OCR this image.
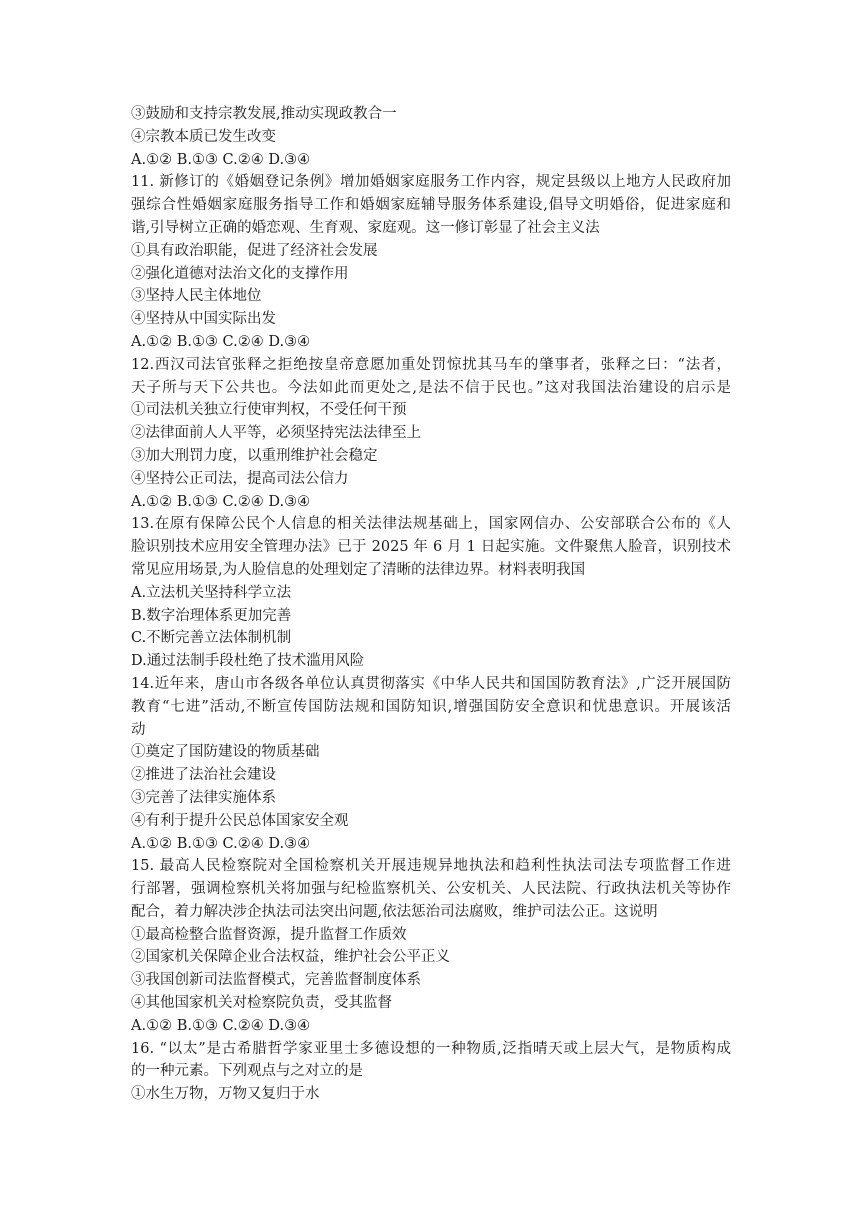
③鼓励和支持宗教发展,推动实现政教合一
④宗教本质已发生改变
A.①② B.①③ C.②④ D.③④
11. 新修订的《婚姻登记条例》增加婚姻家庭服务工作内容，规定县级以上地方人民政府加
强综合性婚姻家庭服务指导工作和婚姻家庭辅导服务体系建设,倡导文明婚俗，促进家庭和
谐,引导树立正确的婚恋观、生育观、家庭观。这一修订彰显了社会主义法
①具有政治职能，促进了经济社会发展
②强化道德对法治文化的支撑作用
③坚持人民主体地位
④坚持从中国实际出发
A.①② B.①③ C.②④ D.③④
12.西汉司法官张释之拒绝按皇帝意愿加重处罚惊扰其马车的肇事者，张释之曰：“法者，
天子所与天下公共也。今法如此而更处之,是法不信于民也。”这对我国法治建设的启示是
①司法机关独立行使审判权，不受任何干预
②法律面前人人平等，必须坚持宪法法律至上
③加大刑罚力度，以重刑维护社会稳定
④坚持公正司法，提高司法公信力
A.①② B.①③ C.②④ D.③④
13.在原有保障公民个人信息的相关法律法规基础上，国家网信办、公安部联合公布的《人
脸识别技术应用安全管理办法》已于 2025 年 6 月 1 日起实施。文件聚焦人脸音，识别技术
常见应用场景,为人脸信息的处理划定了清晰的法律边界。材料表明我国
A.立法机关坚持科学立法
B.数字治理体系更加完善
C.不断完善立法体制机制
D.通过法制手段杜绝了技术滥用风险
14.近年来，唐山市各级各单位认真贯彻落实《中华人民共和国国防教育法》,广泛开展国防
教育“七进”活动,不断宣传国防法规和国防知识,增强国防安全意识和忧患意识。开展该活
动
①奠定了国防建设的物质基础
②推进了法治社会建设
③完善了法律实施体系
④有利于提升公民总体国家安全观
A.①② B.①③ C.②④ D.③④
15. 最高人民检察院对全国检察机关开展违规异地执法和趋利性执法司法专项监督工作进
行部署，强调检察机关将加强与纪检监察机关、公安机关、人民法院、行政执法机关等协作
配合，着力解决涉企执法司法突出问题,依法惩治司法腐败，维护司法公正。这说明
①最高检整合监督资源，提升监督工作质效
②国家机关保障企业合法权益，维护社会公平正义
③我国创新司法监督模式，完善监督制度体系
④其他国家机关对检察院负责，受其监督
A.①② B.①③ C.②④ D.③④
16. “以太”是古希腊哲学家亚里士多德设想的一种物质,泛指晴天或上层大气，是物质构成
的一种元素。下列观点与之对立的是
①水生万物，万物又复归于水
